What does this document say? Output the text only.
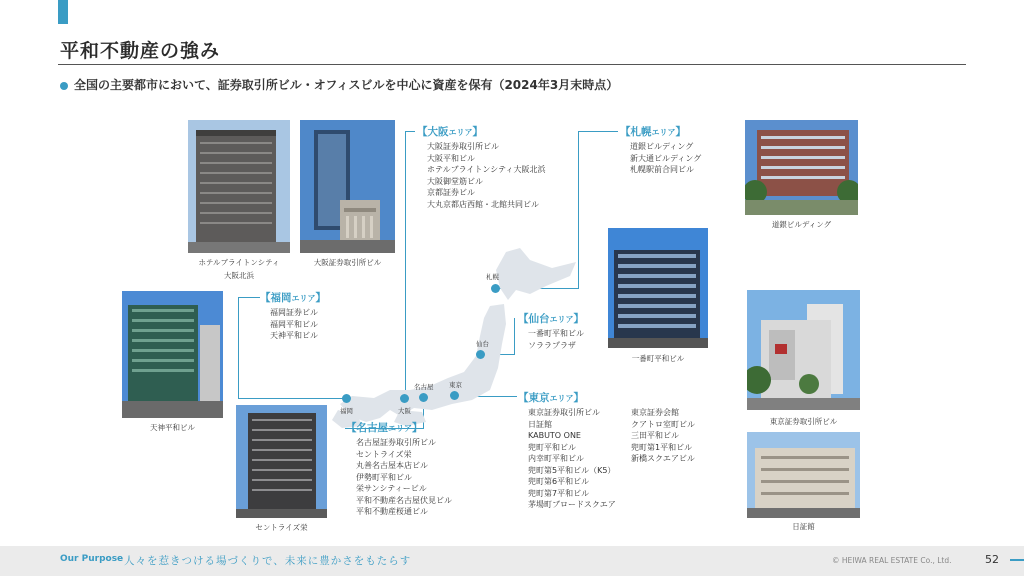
平和不動産の強み
全国の主要都市において、証券取引所ビル・オフィスビルを中心に資産を保有（2024年3月末時点）
ホテルブライトンシティ
大阪北浜
大阪証券取引所ビル
道銀ビルディング
一番町平和ビル
天神平和ビル
セントライズ栄
東京証券取引所ビル
日証館
札幌
仙台
東京
名古屋
大阪
福岡
【大阪エリア】
大阪証券取引所ビル
大阪平和ビル
ホテルブライトンシティ大阪北浜
大阪御堂筋ビル
京都証券ビル
大丸京都店西館・北館共同ビル
【札幌エリア】
道銀ビルディング
新大通ビルディング
札幌駅前合同ビル
【福岡エリア】
福岡証券ビル
福岡平和ビル
天神平和ビル
【仙台エリア】
一番町平和ビル
ソララプラザ
【名古屋エリア】
名古屋証券取引所ビル
セントライズ栄
丸善名古屋本店ビル
伊勢町平和ビル
栄サンシティービル
平和不動産名古屋伏見ビル
平和不動産桜通ビル
【東京エリア】
東京証券取引所ビル
日証館
KABUTO ONE
兜町平和ビル
内幸町平和ビル
兜町第5平和ビル（K5）
兜町第6平和ビル
兜町第7平和ビル
茅場町ブロードスクエア
東京証券会館
クアトロ室町ビル
三田平和ビル
兜町第1平和ビル
新橋スクエアビル
Our Purpose 人々を惹きつける場づくりで、未来に豊かさをもたらす	© HEIWA REAL ESTATE Co., Ltd.	52
